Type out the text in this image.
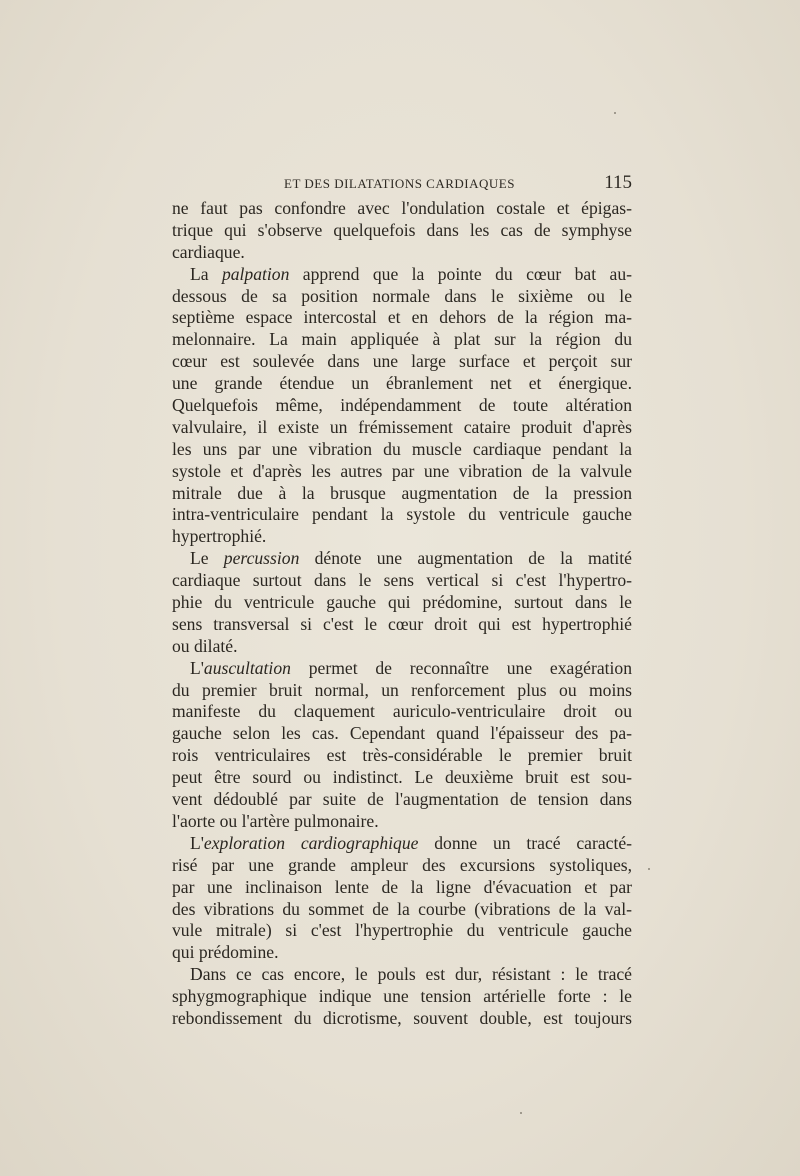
ET DES DILATATIONS CARDIAQUES	115
ne faut pas confondre avec l'ondulation costale et épigas-
trique qui s'observe quelquefois dans les cas de symphyse
cardiaque.
La palpation apprend que la pointe du cœur bat au-
dessous de sa position normale dans le sixième ou le
septième espace intercostal et en dehors de la région ma-
melonnaire. La main appliquée à plat sur la région du
cœur est soulevée dans une large surface et perçoit sur
une grande étendue un ébranlement net et énergique.
Quelquefois même, indépendamment de toute altération
valvulaire, il existe un frémissement cataire produit d'après
les uns par une vibration du muscle cardiaque pendant la
systole et d'après les autres par une vibration de la valvule
mitrale due à la brusque augmentation de la pression
intra-ventriculaire pendant la systole du ventricule gauche
hypertrophié.
Le percussion dénote une augmentation de la matité
cardiaque surtout dans le sens vertical si c'est l'hypertro-
phie du ventricule gauche qui prédomine, surtout dans le
sens transversal si c'est le cœur droit qui est hypertrophié
ou dilaté.
L'auscultation permet de reconnaître une exagération
du premier bruit normal, un renforcement plus ou moins
manifeste du claquement auriculo-ventriculaire droit ou
gauche selon les cas. Cependant quand l'épaisseur des pa-
rois ventriculaires est très-considérable le premier bruit
peut être sourd ou indistinct. Le deuxième bruit est sou-
vent dédoublé par suite de l'augmentation de tension dans
l'aorte ou l'artère pulmonaire.
L'exploration cardiographique donne un tracé caracté-
risé par une grande ampleur des excursions systoliques,
par une inclinaison lente de la ligne d'évacuation et par
des vibrations du sommet de la courbe (vibrations de la val-
vule mitrale) si c'est l'hypertrophie du ventricule gauche
qui prédomine.
Dans ce cas encore, le pouls est dur, résistant : le tracé
sphygmographique indique une tension artérielle forte : le
rebondissement du dicrotisme, souvent double, est toujours
